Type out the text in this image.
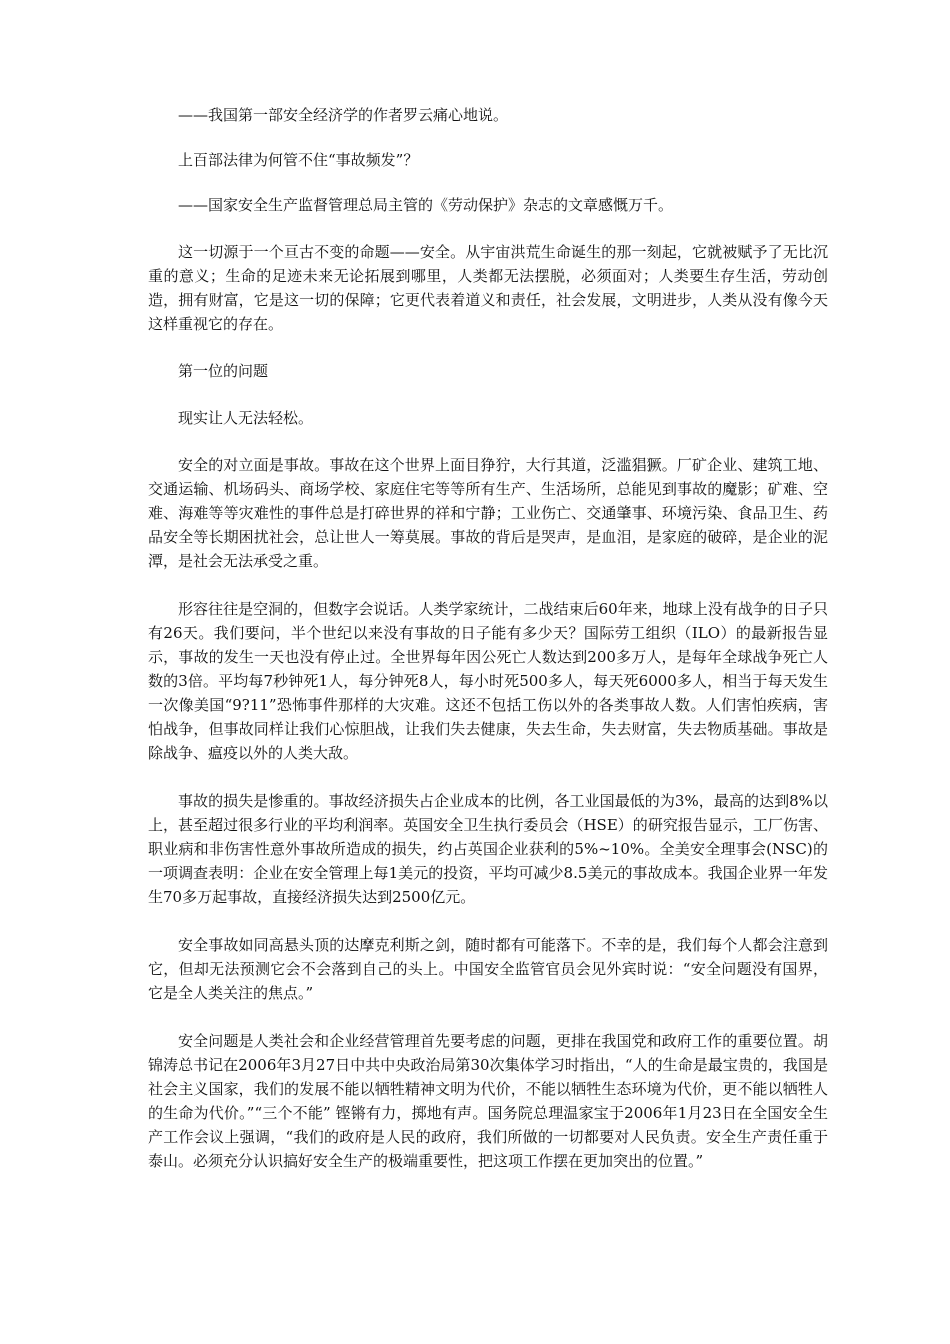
——我国第一部安全经济学的作者罗云痛心地说。

上百部法律为何管不住“事故频发”？

——国家安全生产监督管理总局主管的《劳动保护》杂志的文章感慨万千。

这一切源于一个亘古不变的命题——安全。从宇宙洪荒生命诞生的那一刻起，它就被赋予了无比沉重的意义；生命的足迹未来无论拓展到哪里，人类都无法摆脱，必须面对；人类要生存生活，劳动创造，拥有财富，它是这一切的保障；它更代表着道义和责任，社会发展，文明进步，人类从没有像今天这样重视它的存在。

第一位的问题

现实让人无法轻松。

安全的对立面是事故。事故在这个世界上面目狰狞，大行其道，泛滥猖獗。厂矿企业、建筑工地、交通运输、机场码头、商场学校、家庭住宅等等所有生产、生活场所，总能见到事故的魔影；矿难、空难、海难等等灾难性的事件总是打碎世界的祥和宁静；工业伤亡、交通肇事、环境污染、食品卫生、药品安全等长期困扰社会，总让世人一筹莫展。事故的背后是哭声，是血泪，是家庭的破碎，是企业的泥潭，是社会无法承受之重。

形容往往是空洞的，但数字会说话。人类学家统计，二战结束后60年来，地球上没有战争的日子只有26天。我们要问，半个世纪以来没有事故的日子能有多少天？国际劳工组织（ILO）的最新报告显示，事故的发生一天也没有停止过。全世界每年因公死亡人数达到200多万人，是每年全球战争死亡人数的3倍。平均每7秒钟死1人，每分钟死8人，每小时死500多人，每天死6000多人，相当于每天发生一次像美国“9?11”恐怖事件那样的大灾难。这还不包括工伤以外的各类事故人数。人们害怕疾病，害怕战争，但事故同样让我们心惊胆战，让我们失去健康，失去生命，失去财富，失去物质基础。事故是除战争、瘟疫以外的人类大敌。

事故的损失是惨重的。事故经济损失占企业成本的比例，各工业国最低的为3%，最高的达到8%以上，甚至超过很多行业的平均利润率。英国安全卫生执行委员会（HSE）的研究报告显示，工厂伤害、职业病和非伤害性意外事故所造成的损失，约占英国企业获利的5%~10%。全美安全理事会(NSC)的一项调查表明：企业在安全管理上每1美元的投资，平均可减少8.5美元的事故成本。我国企业界一年发生70多万起事故，直接经济损失达到2500亿元。

安全事故如同高悬头顶的达摩克利斯之剑，随时都有可能落下。不幸的是，我们每个人都会注意到它，但却无法预测它会不会落到自己的头上。中国安全监管官员会见外宾时说：“安全问题没有国界，它是全人类关注的焦点。”

安全问题是人类社会和企业经营管理首先要考虑的问题，更排在我国党和政府工作的重要位置。胡锦涛总书记在2006年3月27日中共中央政治局第30次集体学习时指出，“人的生命是最宝贵的，我国是社会主义国家，我们的发展不能以牺牲精神文明为代价，不能以牺牲生态环境为代价，更不能以牺牲人的生命为代价。”“三个不能” 铿锵有力，掷地有声。国务院总理温家宝于2006年1月23日在全国安全生产工作会议上强调，“我们的政府是人民的政府，我们所做的一切都要对人民负责。安全生产责任重于泰山。必须充分认识搞好安全生产的极端重要性，把这项工作摆在更加突出的位置。”
